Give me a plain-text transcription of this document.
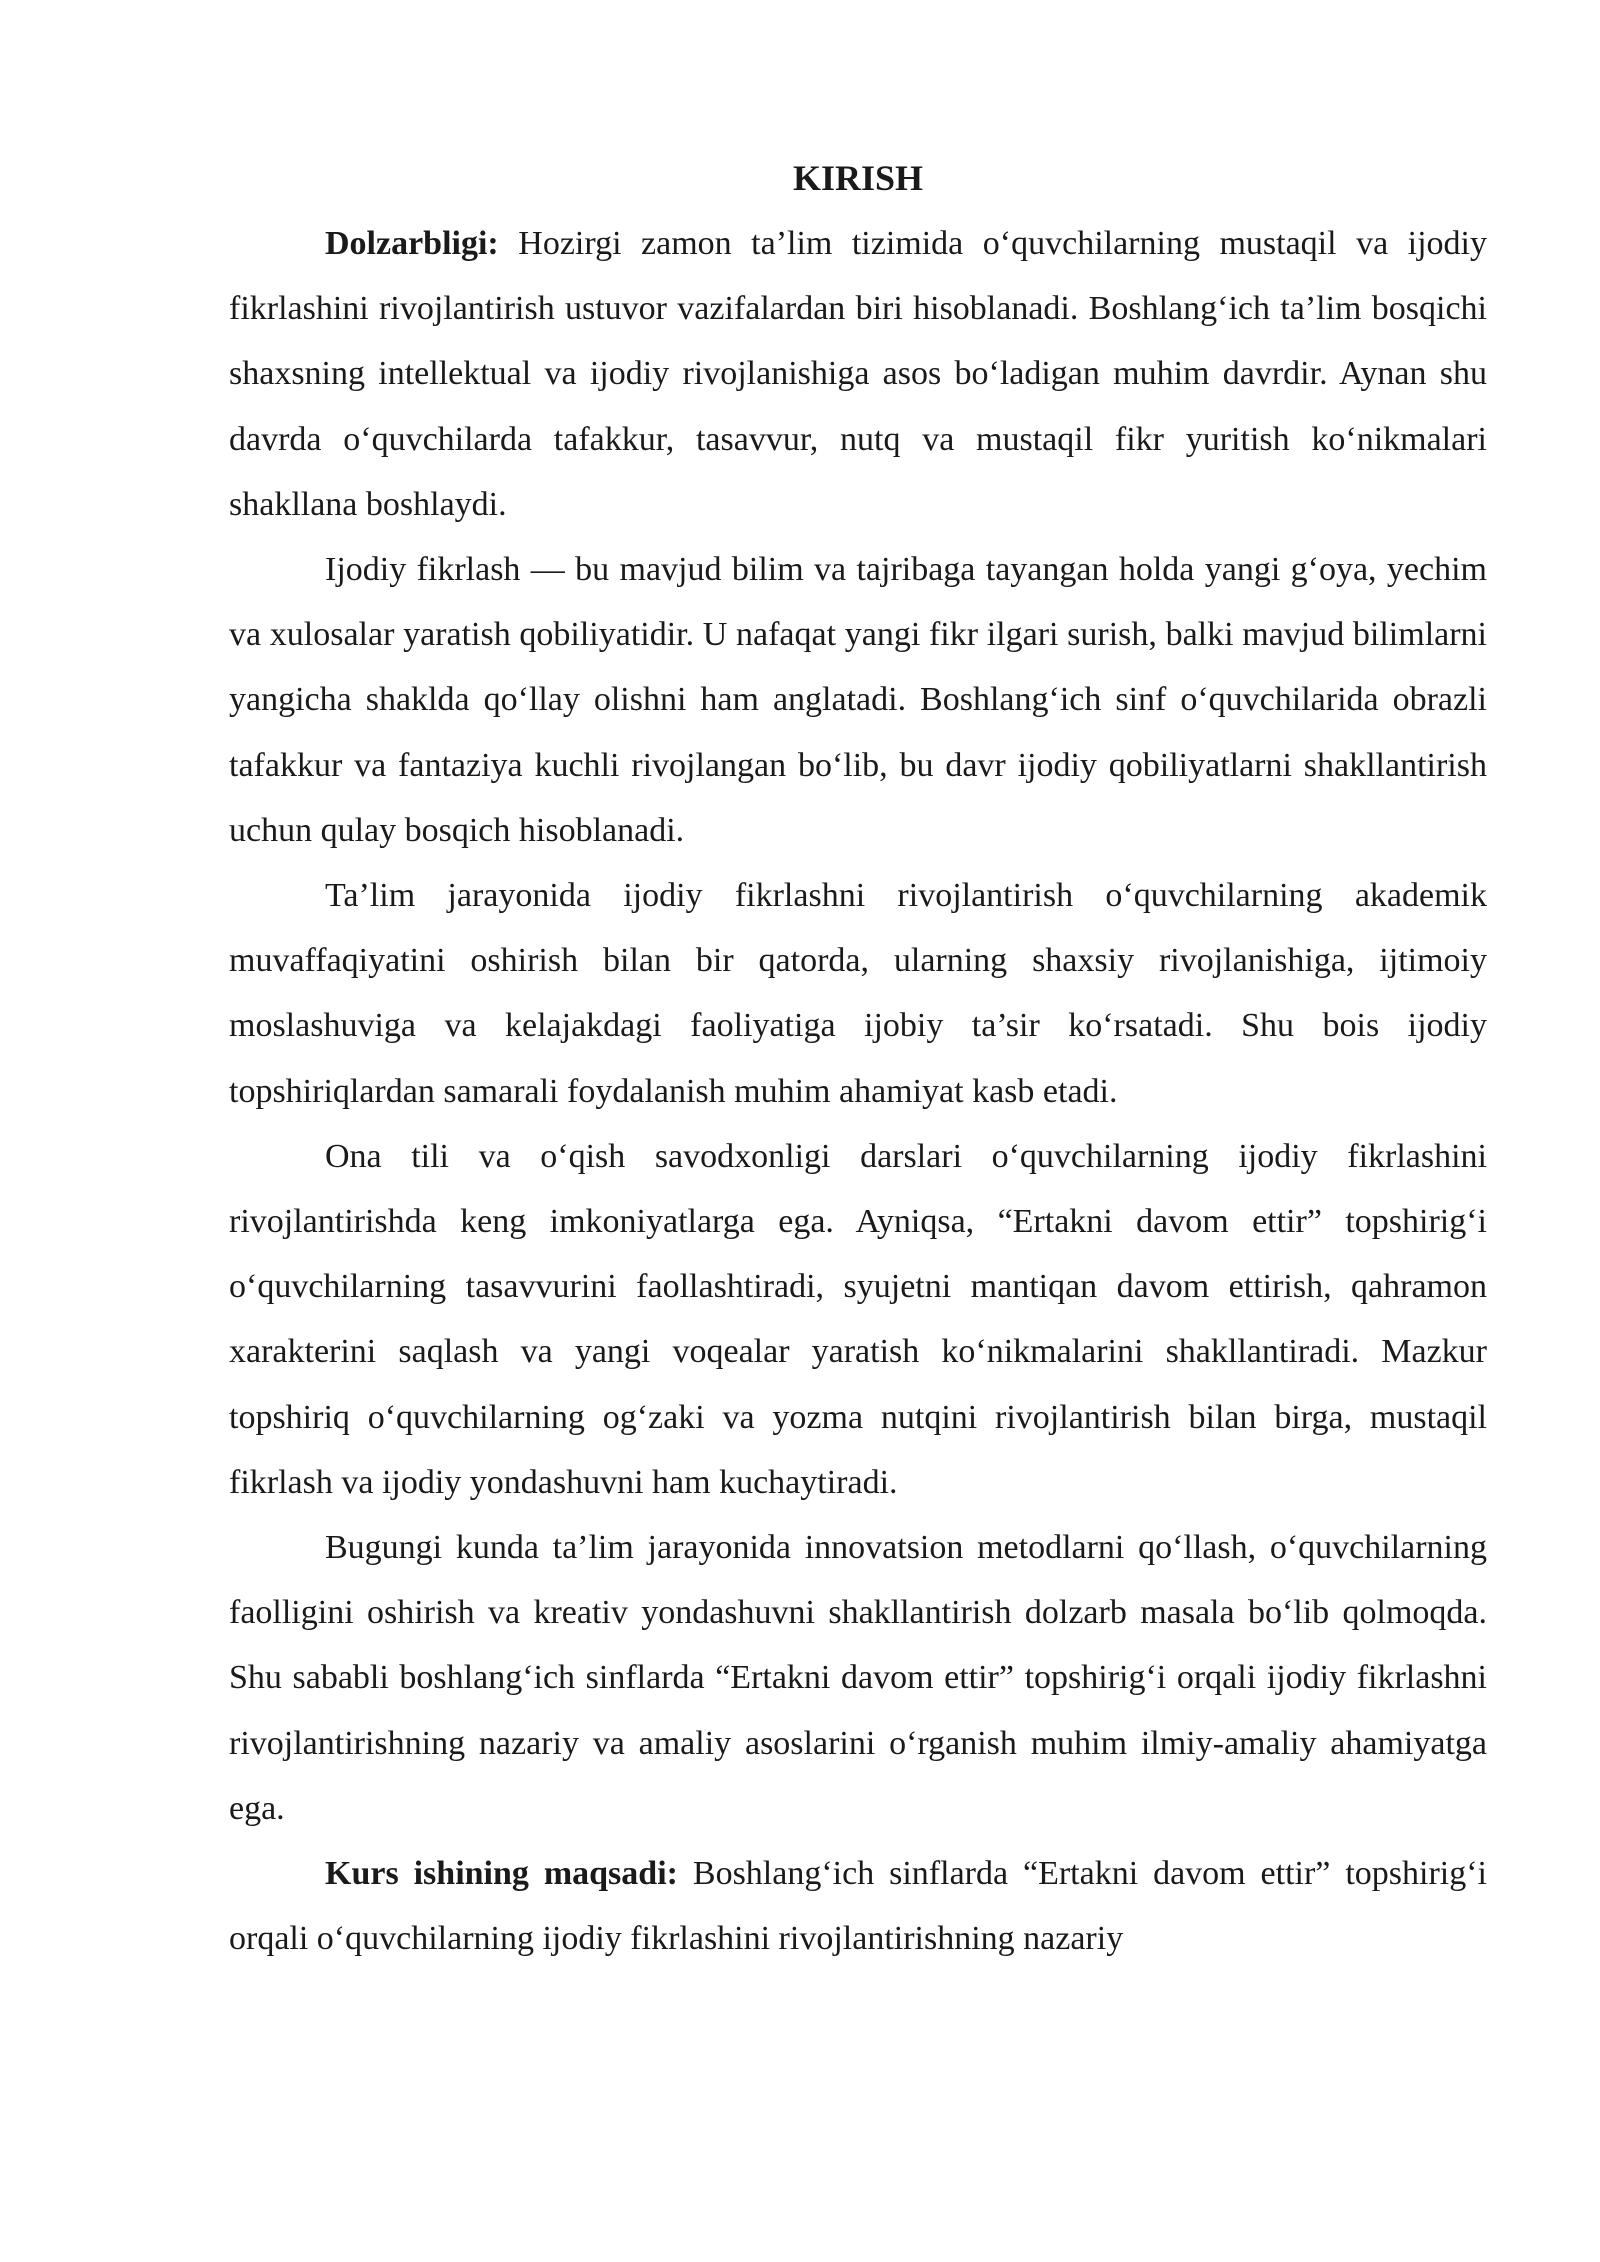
KIRISH

Dolzarbligi: Hozirgi zamon ta’lim tizimida o‘quvchilarning mustaqil va ijodiy fikrlashini rivojlantirish ustuvor vazifalardan biri hisoblanadi. Boshlang‘ich ta’lim bosqichi shaxsning intellektual va ijodiy rivojlanishiga asos bo‘ladigan muhim davrdir. Aynan shu davrda o‘quvchilarda tafakkur, tasavvur, nutq va mustaqil fikr yuritish ko‘nikmalari shakllana boshlaydi.

Ijodiy fikrlash — bu mavjud bilim va tajribaga tayangan holda yangi g‘oya, yechim va xulosalar yaratish qobiliyatidir. U nafaqat yangi fikr ilgari surish, balki mavjud bilimlarni yangicha shaklda qo‘llay olishni ham anglatadi. Boshlang‘ich sinf o‘quvchilarida obrazli tafakkur va fantaziya kuchli rivojlangan bo‘lib, bu davr ijodiy qobiliyatlarni shakllantirish uchun qulay bosqich hisoblanadi.

Ta’lim jarayonida ijodiy fikrlashni rivojlantirish o‘quvchilarning akademik muvaffaqiyatini oshirish bilan bir qatorda, ularning shaxsiy rivojlanishiga, ijtimoiy moslashuviga va kelajakdagi faoliyatiga ijobiy ta’sir ko‘rsatadi. Shu bois ijodiy topshiriqlardan samarali foydalanish muhim ahamiyat kasb etadi.

Ona tili va o‘qish savodxonligi darslari o‘quvchilarning ijodiy fikrlashini rivojlantirishda keng imkoniyatlarga ega. Ayniqsa, “Ertakni davom ettir” topshirig‘i o‘quvchilarning tasavvurini faollashtiradi, syujetni mantiqan davom ettirish, qahramon xarakterini saqlash va yangi voqealar yaratish ko‘nikmalarini shakllantiradi. Mazkur topshiriq o‘quvchilarning og‘zaki va yozma nutqini rivojlantirish bilan birga, mustaqil fikrlash va ijodiy yondashuvni ham kuchaytiradi.

Bugungi kunda ta’lim jarayonida innovatsion metodlarni qo‘llash, o‘quvchilarning faolligini oshirish va kreativ yondashuvni shakllantirish dolzarb masala bo‘lib qolmoqda. Shu sababli boshlang‘ich sinflarda “Ertakni davom ettir” topshirig‘i orqali ijodiy fikrlashni rivojlantirishning nazariy va amaliy asoslarini o‘rganish muhim ilmiy-amaliy ahamiyatga ega.

Kurs ishining maqsadi: Boshlang‘ich sinflarda “Ertakni davom ettir” topshirig‘i orqali o‘quvchilarning ijodiy fikrlashini rivojlantirishning nazariy
